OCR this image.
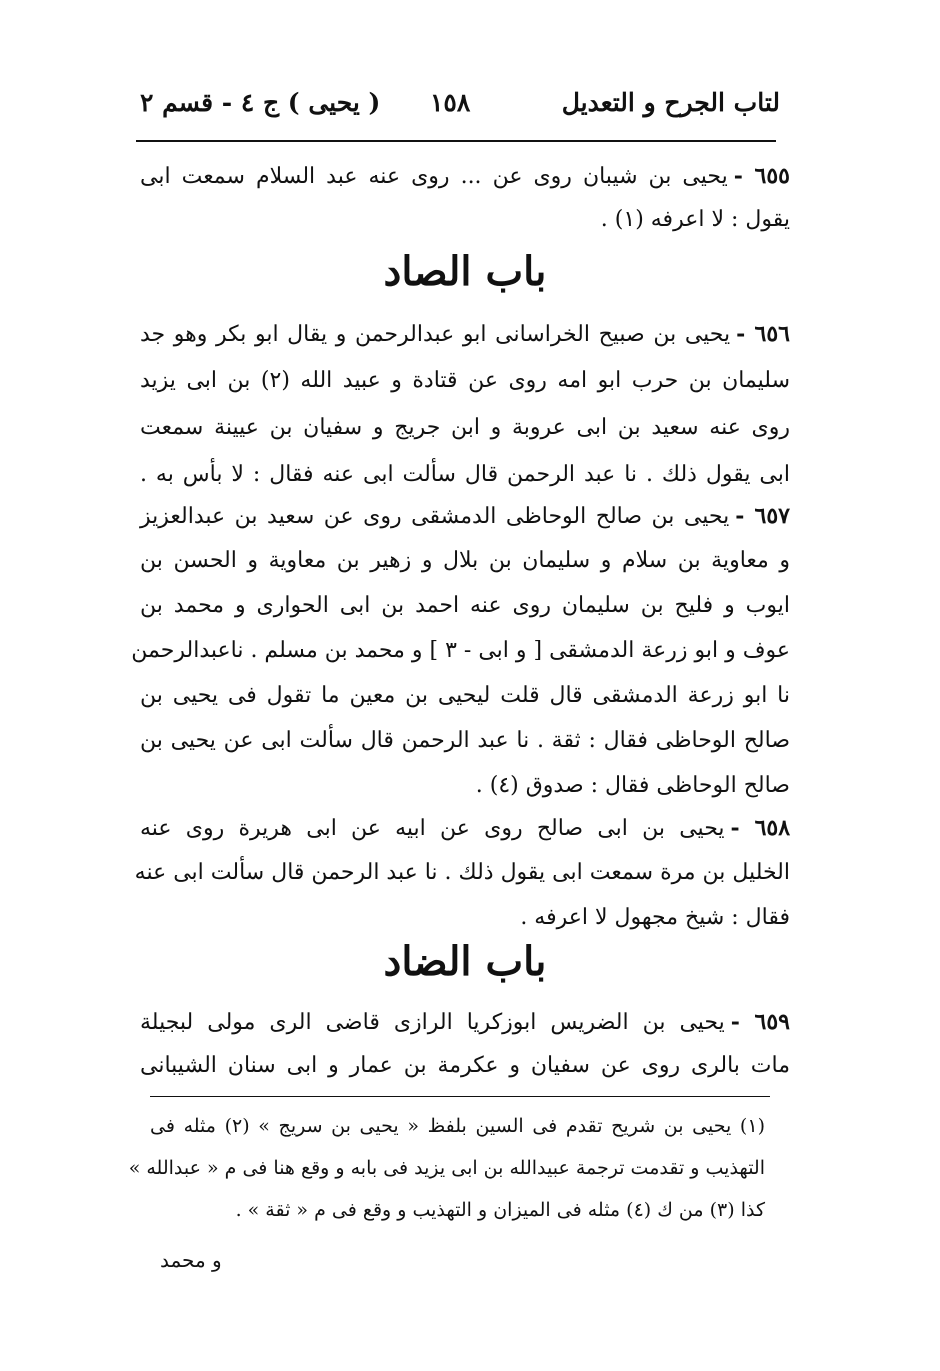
لتاب الجرح و التعديل
١٥٨
( يحيى ) ج ٤ - قسم ٢
٦٥٥ -يحيى بن شيبان روى عن ... روى عنه عبد السلام سمعت ابى
يقول : لا اعرفه (١) .
باب الصاد
٦٥٦ -يحيى بن صبيح الخراسانى ابو عبدالرحمن و يقال ابو بكر وهو جد
سليمان بن حرب ابو امه روى عن قتادة و عبيد الله (٢) بن ابى يزيد
روى عنه سعيد بن ابى عروبة و ابن جريج و سفيان بن عيينة سمعت
ابى يقول ذلك . نا عبد الرحمن قال سألت ابى عنه فقال : لا بأس به .
٦٥٧ -يحيى بن صالح الوحاظى الدمشقى روى عن سعيد بن عبدالعزيز
و معاوية بن سلام و سليمان بن بلال و زهير بن معاوية و الحسن بن
ايوب و فليح بن سليمان روى عنه احمد بن ابى الحوارى و محمد بن
عوف و ابو زرعة الدمشقى [ و ابى - ٣ ] و محمد بن مسلم . ناعبدالرحمن
نا ابو زرعة الدمشقى قال قلت ليحيى بن معين ما تقول فى يحيى بن
صالح الوحاظى فقال : ثقة . نا عبد الرحمن قال سألت ابى عن يحيى بن
صالح الوحاظى فقال : صدوق (٤) .
٦٥٨ -يحيى بن ابى صالح روى عن ابيه عن ابى هريرة روى عنه
الخليل بن مرة سمعت ابى يقول ذلك . نا عبد الرحمن قال سألت ابى عنه
فقال : شيخ مجهول لا اعرفه .
باب الضاد
٦٥٩ -يحيى بن الضريس ابوزكريا الرازى قاضى الرى مولى لبجيلة
مات بالرى روى عن سفيان و عكرمة بن عمار و ابى سنان الشيبانى
(١) يحيى بن شريح تقدم فى السين بلفظ « يحيى بن سريج » (٢) مثله فى
التهذيب و تقدمت ترجمة عبيدالله بن ابى يزيد فى بابه و وقع هنا فى م « عبدالله »
كذا (٣) من ك (٤) مثله فى الميزان و التهذيب و وقع فى م « ثقة » .
و محمد
